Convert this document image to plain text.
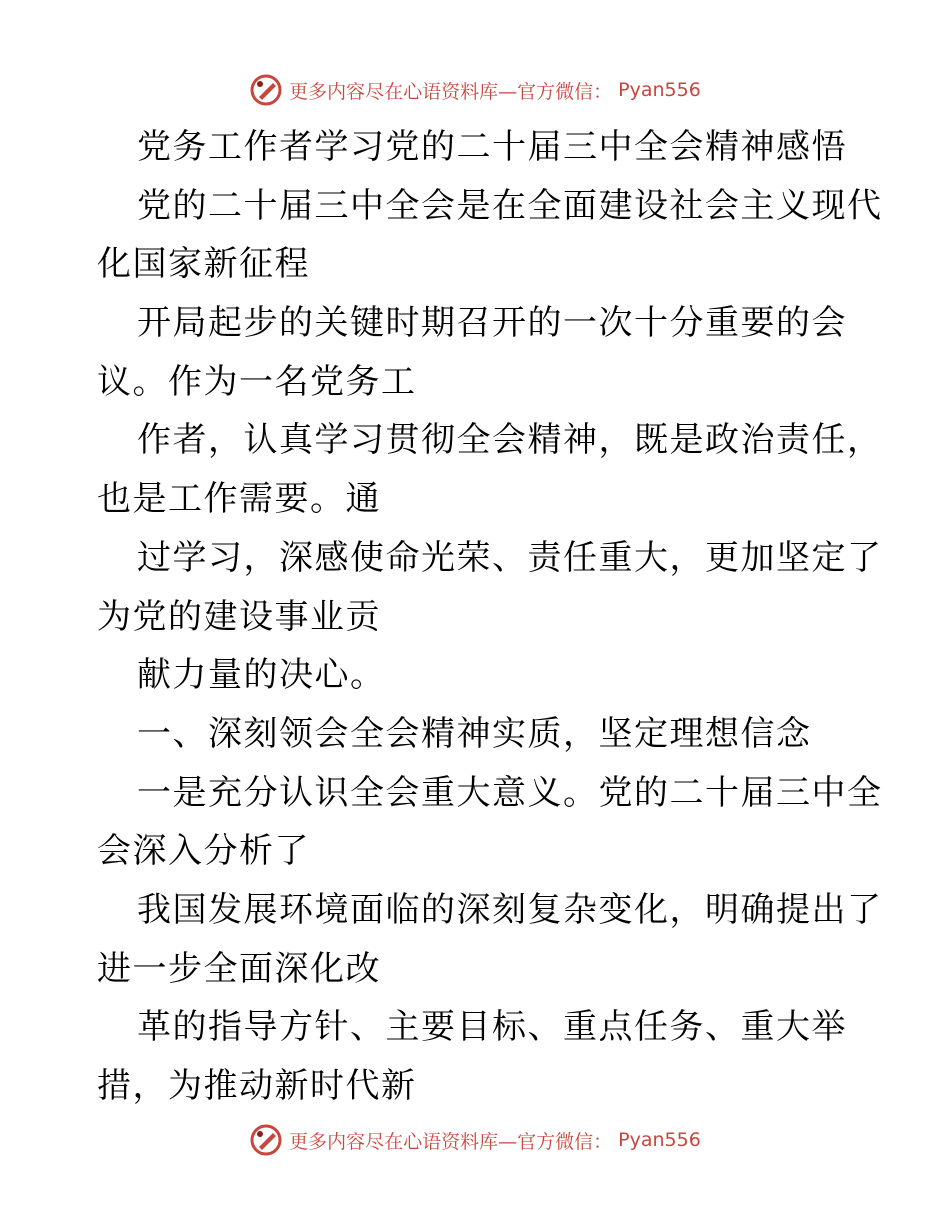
更多内容尽在心语资料库—官方微信： Pyan556
党务工作者学习党的二十届三中全会精神感悟
党的二十届三中全会是在全面建设社会主义现代
化国家新征程
开局起步的关键时期召开的一次十分重要的会
议。作为一名党务工
作者，认真学习贯彻全会精神，既是政治责任，
也是工作需要。通
过学习，深感使命光荣、责任重大，更加坚定了
为党的建设事业贡
献力量的决心。
一、深刻领会全会精神实质，坚定理想信念
一是充分认识全会重大意义。党的二十届三中全
会深入分析了
我国发展环境面临的深刻复杂变化，明确提出了
进一步全面深化改
革的指导方针、主要目标、重点任务、重大举
措，为推动新时代新
更多内容尽在心语资料库—官方微信： Pyan556
